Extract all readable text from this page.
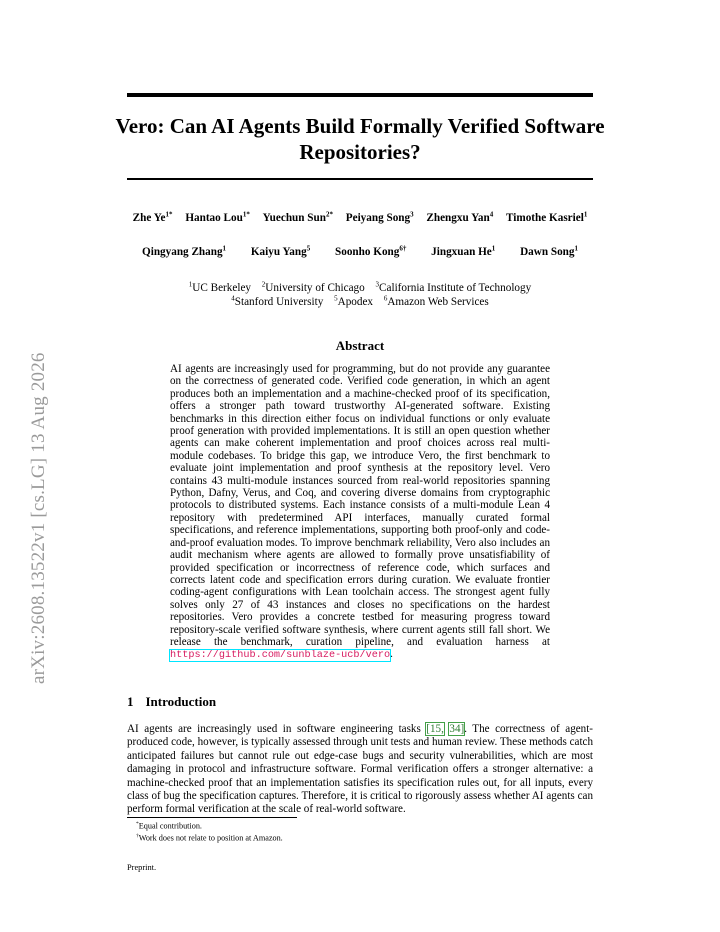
arXiv:2608.13522v1 [cs.LG] 13 Aug 2026
Vero: Can AI Agents Build Formally Verified Software
Repositories?
Zhe $Ye^{1*}$ Hantao Lou$^{1*}$ Yuechun Sun$^{2*}$ Peiyang Song$^3$ Zhengxu Yan$^4$ Timothe Kasriel$^1$
Qingyang Zhang$^1$ Kaiyu Yang$^5$ Soonho Kong$^{6\dagger}$ Jingxuan He$^1$ Dawn Song$^1$
$^1$UC Berkeley $^2$University of Chicago $^3$California Institute of Technology
$^4$Stanford University $^5$Apodex $^6$Amazon Web Services
Abstract
AI agents are increasingly used for programming, but do not provide any guarantee on the correctness of generated code. Verified code generation, in which an agent produces both an implementation and a machine-checked proof of its specification, offers a stronger path toward trustworthy AI-generated software. Existing benchmarks in this direction either focus on individual functions or only evaluate proof generation with provided implementations. It is still an open question whether agents can make coherent implementation and proof choices across real multi-module codebases. To bridge this gap, we introduce Vero, the first benchmark to evaluate joint implementation and proof synthesis at the repository level. Vero contains 43 multi-module instances sourced from real-world repositories spanning Python, Dafny, Verus, and Coq, and covering diverse domains from cryptographic protocols to distributed systems. Each instance consists of a multi-module Lean 4 repository with predetermined API interfaces, manually curated formal specifications, and reference implementations, supporting both proof-only and code-and-proof evaluation modes. To improve benchmark reliability, Vero also includes an audit mechanism where agents are allowed to formally prove unsatisfiability of provided specification or incorrectness of reference code, which surfaces and corrects latent code and specification errors during curation. We evaluate frontier coding-agent configurations with Lean toolchain access. The strongest agent fully solves only 27 of 43 instances and closes no specifications on the hardest repositories. Vero provides a concrete testbed for measuring progress toward repository-scale verified software synthesis, where current agents still fall short. We release the benchmark, curation pipeline, and evaluation harness at https://github.com/sunblaze-ucb/vero.
1 Introduction
AI agents are increasingly used in software engineering tasks [15, 34]. The correctness of agent-produced code, however, is typically assessed through unit tests and human review. These methods catch anticipated failures but cannot rule out edge-case bugs and security vulnerabilities, which are most damaging in protocol and infrastructure software. Formal verification offers a stronger alternative: a machine-checked proof that an implementation satisfies its specification rules out, for all inputs, every class of bug the specification captures. Therefore, it is critical to rigorously assess whether AI agents can perform formal verification at the scale of real-world software.
*Equal contribution.
†Work does not relate to position at Amazon.
Preprint.
